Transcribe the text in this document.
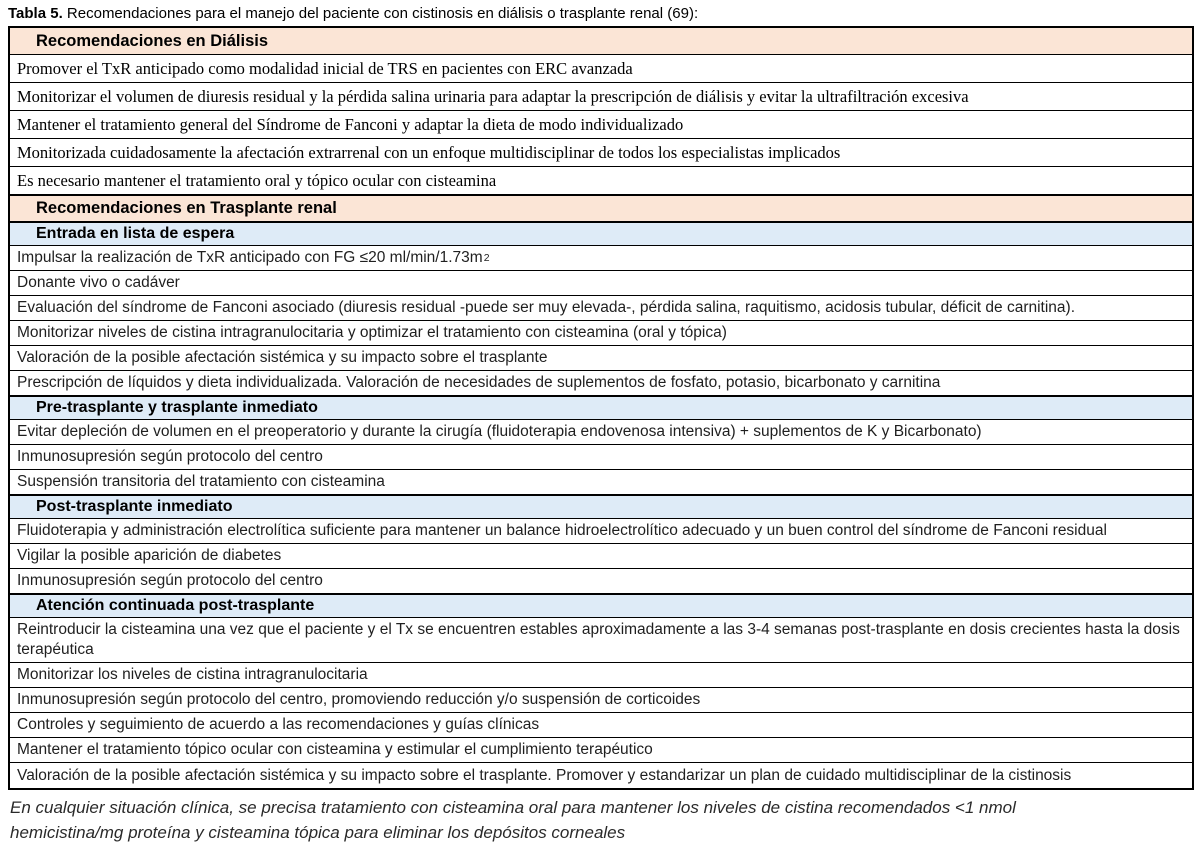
Tabla 5. Recomendaciones para el manejo del paciente con cistinosis en diálisis o trasplante renal (69):
Recomendaciones en Diálisis
Promover el TxR anticipado como modalidad inicial de TRS en pacientes con ERC avanzada
Monitorizar el volumen de diuresis residual y la pérdida salina urinaria para adaptar la prescripción de diálisis y evitar la ultrafiltración excesiva
Mantener el tratamiento general del Síndrome de Fanconi y adaptar la dieta de modo individualizado
Monitorizada cuidadosamente la afectación extrarrenal con un enfoque multidisciplinar de todos los especialistas implicados
Es necesario mantener el tratamiento oral y tópico ocular con cisteamina
Recomendaciones en Trasplante renal
Entrada en lista de espera
Impulsar la realización de TxR anticipado con FG ≤20 ml/min/1.73m 2
Donante vivo o cadáver
Evaluación del síndrome de Fanconi asociado (diuresis residual -puede ser muy elevada-, pérdida salina, raquitismo, acidosis tubular, déficit de carnitina).
Monitorizar niveles de cistina intragranulocitaria y optimizar el tratamiento con cisteamina (oral y tópica)
Valoración de la posible afectación sistémica y su impacto sobre el trasplante
Prescripción de líquidos y dieta individualizada. Valoración de necesidades de suplementos de fosfato, potasio, bicarbonato y carnitina
Pre-trasplante y trasplante inmediato
Evitar depleción de volumen en el preoperatorio y durante la cirugía (fluidoterapia endovenosa intensiva) + suplementos de K y Bicarbonato)
Inmunosupresión según protocolo del centro
Suspensión transitoria del tratamiento con cisteamina
Post-trasplante inmediato
Fluidoterapia y administración electrolítica suficiente para mantener un balance hidroelectrolítico adecuado y un buen control del síndrome de Fanconi residual
Vigilar la posible aparición de diabetes
Inmunosupresión según protocolo del centro
Atención continuada post-trasplante
Reintroducir la cisteamina una vez que el paciente y el Tx se encuentren estables aproximadamente a las 3-4 semanas post-trasplante en dosis crecientes hasta la dosis terapéutica
Monitorizar los niveles de cistina intragranulocitaria
Inmunosupresión según protocolo del centro, promoviendo reducción y/o suspensión de corticoides
Controles y seguimiento de acuerdo a las recomendaciones y guías clínicas
Mantener el tratamiento tópico ocular con cisteamina y estimular el cumplimiento terapéutico
Valoración de la posible afectación sistémica y su impacto sobre el trasplante. Promover y estandarizar un plan de cuidado multidisciplinar de la cistinosis
En cualquier situación clínica, se precisa tratamiento con cisteamina oral para mantener los niveles de cistina recomendados <1 nmol hemicistina/mg proteína y cisteamina tópica para eliminar los depósitos corneales
